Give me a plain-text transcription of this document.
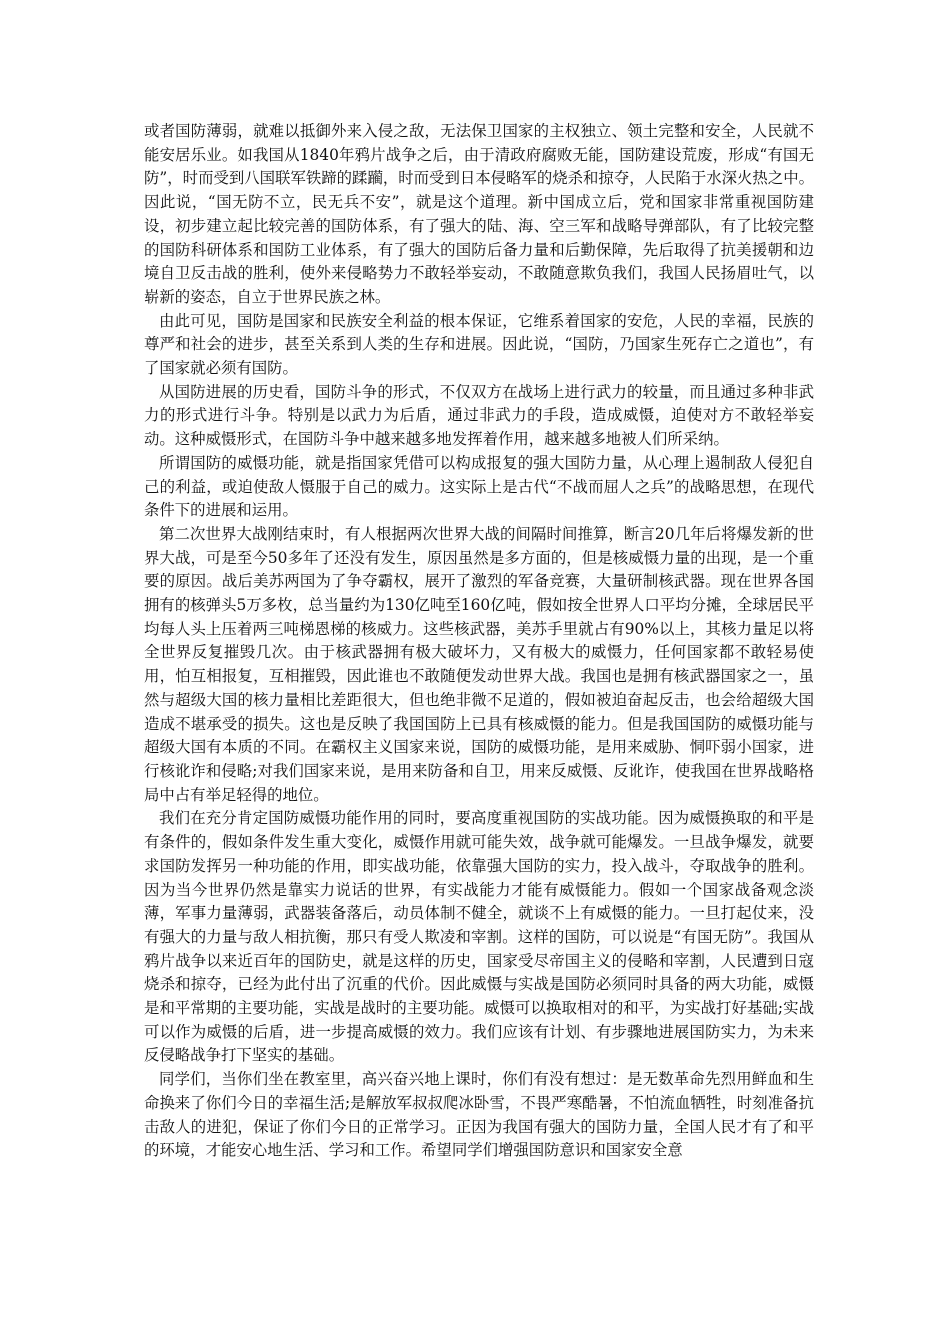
或者国防薄弱，就难以抵御外来入侵之敌，无法保卫国家的主权独立、领土完整和安全，人民就不能安居乐业。如我国从1840年鸦片战争之后，由于清政府腐败无能，国防建设荒废，形成“有国无防”，时而受到八国联军铁蹄的蹂躏，时而受到日本侵略军的烧杀和掠夺，人民陷于水深火热之中。因此说，“国无防不立，民无兵不安”，就是这个道理。新中国成立后，党和国家非常重视国防建设，初步建立起比较完善的国防体系，有了强大的陆、海、空三军和战略导弹部队，有了比较完整的国防科研体系和国防工业体系，有了强大的国防后备力量和后勤保障，先后取得了抗美援朝和边境自卫反击战的胜利，使外来侵略势力不敢轻举妄动，不敢随意欺负我们，我国人民扬眉吐气，以崭新的姿态，自立于世界民族之林。

由此可见，国防是国家和民族安全利益的根本保证，它维系着国家的安危，人民的幸福，民族的尊严和社会的进步，甚至关系到人类的生存和进展。因此说，“国防，乃国家生死存亡之道也”，有了国家就必须有国防。

从国防进展的历史看，国防斗争的形式，不仅双方在战场上进行武力的较量，而且通过多种非武力的形式进行斗争。特别是以武力为后盾，通过非武力的手段，造成威慑，迫使对方不敢轻举妄动。这种威慑形式，在国防斗争中越来越多地发挥着作用，越来越多地被人们所采纳。

所谓国防的威慑功能，就是指国家凭借可以构成报复的强大国防力量，从心理上遏制敌人侵犯自己的利益，或迫使敌人慑服于自己的威力。这实际上是古代“不战而屈人之兵”的战略思想，在现代条件下的进展和运用。

第二次世界大战刚结束时，有人根据两次世界大战的间隔时间推算，断言20几年后将爆发新的世界大战，可是至今50多年了还没有发生，原因虽然是多方面的，但是核威慑力量的出现，是一个重要的原因。战后美苏两国为了争夺霸权，展开了激烈的军备竞赛，大量研制核武器。现在世界各国拥有的核弹头5万多枚，总当量约为130亿吨至160亿吨，假如按全世界人口平均分摊，全球居民平均每人头上压着两三吨梯恩梯的核威力。这些核武器，美苏手里就占有90%以上，其核力量足以将全世界反复摧毁几次。由于核武器拥有极大破坏力，又有极大的威慑力，任何国家都不敢轻易使用，怕互相报复，互相摧毁，因此谁也不敢随便发动世界大战。我国也是拥有核武器国家之一，虽然与超级大国的核力量相比差距很大，但也绝非微不足道的，假如被迫奋起反击，也会给超级大国造成不堪承受的损失。这也是反映了我国国防上已具有核威慑的能力。但是我国国防的威慑功能与超级大国有本质的不同。在霸权主义国家来说，国防的威慑功能，是用来威胁、恫吓弱小国家，进行核讹诈和侵略;对我们国家来说，是用来防备和自卫，用来反威慑、反讹诈，使我国在世界战略格局中占有举足轻得的地位。

我们在充分肯定国防威慑功能作用的同时，要高度重视国防的实战功能。因为威慑换取的和平是有条件的，假如条件发生重大变化，威慑作用就可能失效，战争就可能爆发。一旦战争爆发，就要求国防发挥另一种功能的作用，即实战功能，依靠强大国防的实力，投入战斗，夺取战争的胜利。因为当今世界仍然是靠实力说话的世界，有实战能力才能有威慑能力。假如一个国家战备观念淡薄，军事力量薄弱，武器装备落后，动员体制不健全，就谈不上有威慑的能力。一旦打起仗来，没有强大的力量与敌人相抗衡，那只有受人欺凌和宰割。这样的国防，可以说是“有国无防”。我国从鸦片战争以来近百年的国防史，就是这样的历史，国家受尽帝国主义的侵略和宰割，人民遭到日寇烧杀和掠夺，已经为此付出了沉重的代价。因此威慑与实战是国防必须同时具备的两大功能，威慑是和平常期的主要功能，实战是战时的主要功能。威慑可以换取相对的和平，为实战打好基础;实战可以作为威慑的后盾，进一步提高威慑的效力。我们应该有计划、有步骤地进展国防实力，为未来反侵略战争打下坚实的基础。

同学们，当你们坐在教室里，高兴奋兴地上课时，你们有没有想过：是无数革命先烈用鲜血和生命换来了你们今日的幸福生活;是解放军叔叔爬冰卧雪，不畏严寒酷暑，不怕流血牺牲，时刻准备抗击敌人的进犯，保证了你们今日的正常学习。正因为我国有强大的国防力量，全国人民才有了和平的环境，才能安心地生活、学习和工作。希望同学们增强国防意识和国家安全意
